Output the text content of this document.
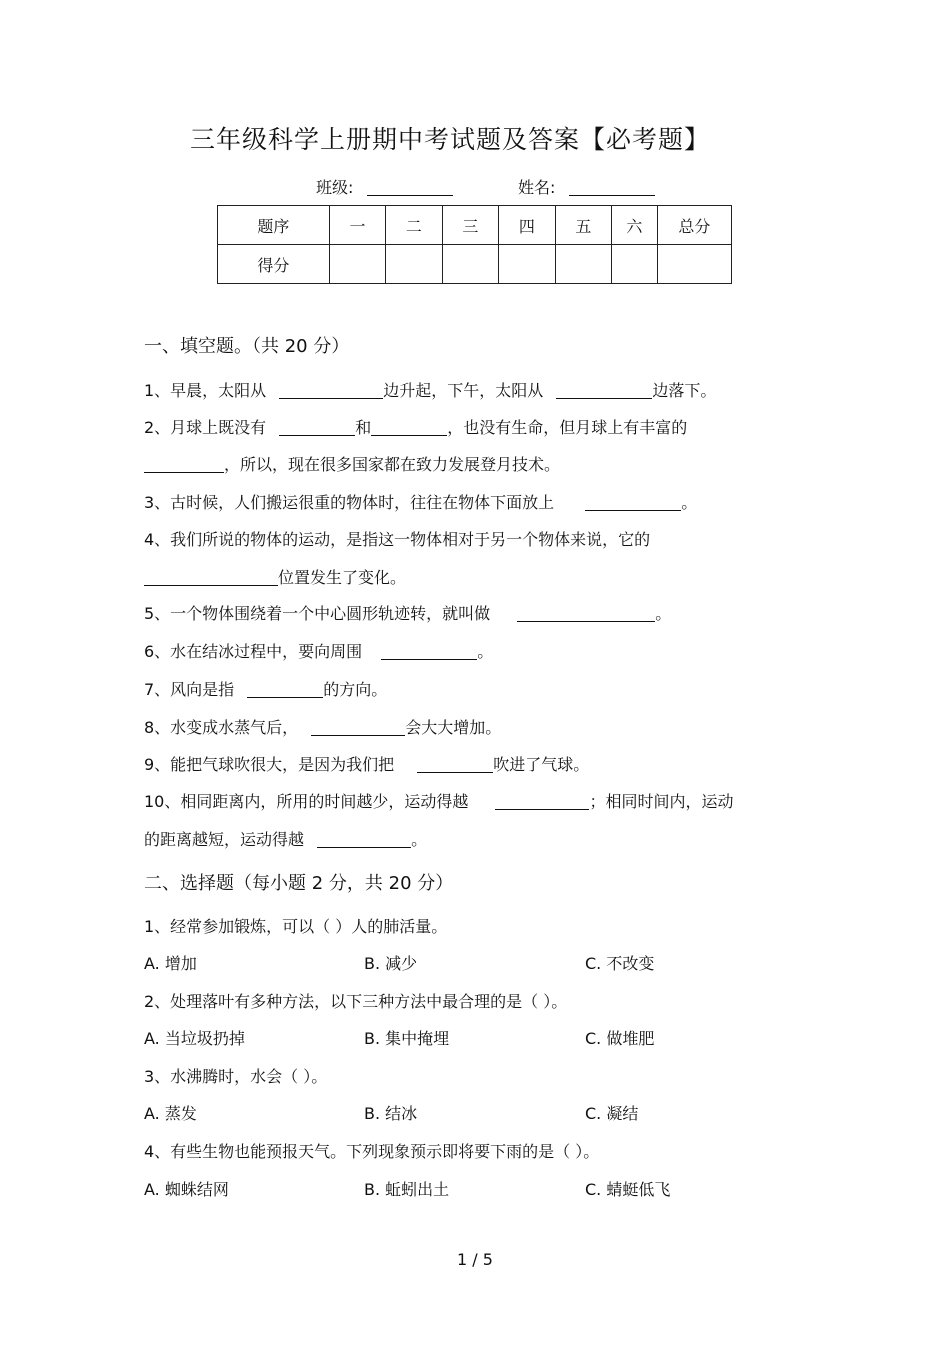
三年级科学上册期中考试题及答案【必考题】
班级:	姓名:
题序	一	二	三	四	五	六	总分
得分							
一、填空题。（共 20 分）
1、早晨，太阳从	边升起，下午，太阳从	边落下。
2、月球上既没有	和	，也没有生命，但月球上有丰富的
，所以，现在很多国家都在致力发展登月技术。
3、古时候，人们搬运很重的物体时，往往在物体下面放上	。
4、我们所说的物体的运动，是指这一物体相对于另一个物体来说，它的
位置发生了变化。
5、一个物体围绕着一个中心圆形轨迹转，就叫做	。
6、水在结冰过程中，要向周围	。
7、风向是指	的方向。
8、水变成水蒸气后，	会大大增加。
9、能把气球吹很大，是因为我们把	吹进了气球。
10、相同距离内，所用的时间越少，运动得越	；相同时间内，运动
的距离越短，运动得越	。
二、选择题（每小题 2 分，共 20 分）
1、经常参加锻炼，可以（ ）人的肺活量。
A. 增加	B. 减少	C. 不改变
2、处理落叶有多种方法，以下三种方法中最合理的是（ ）。
A. 当垃圾扔掉	B. 集中掩埋	C. 做堆肥
3、水沸腾时，水会（ ）。
A. 蒸发	B. 结冰	C. 凝结
4、有些生物也能预报天气。下列现象预示即将要下雨的是（ ）。
A. 蜘蛛结网	B. 蚯蚓出土	C. 蜻蜓低飞
1 / 5
